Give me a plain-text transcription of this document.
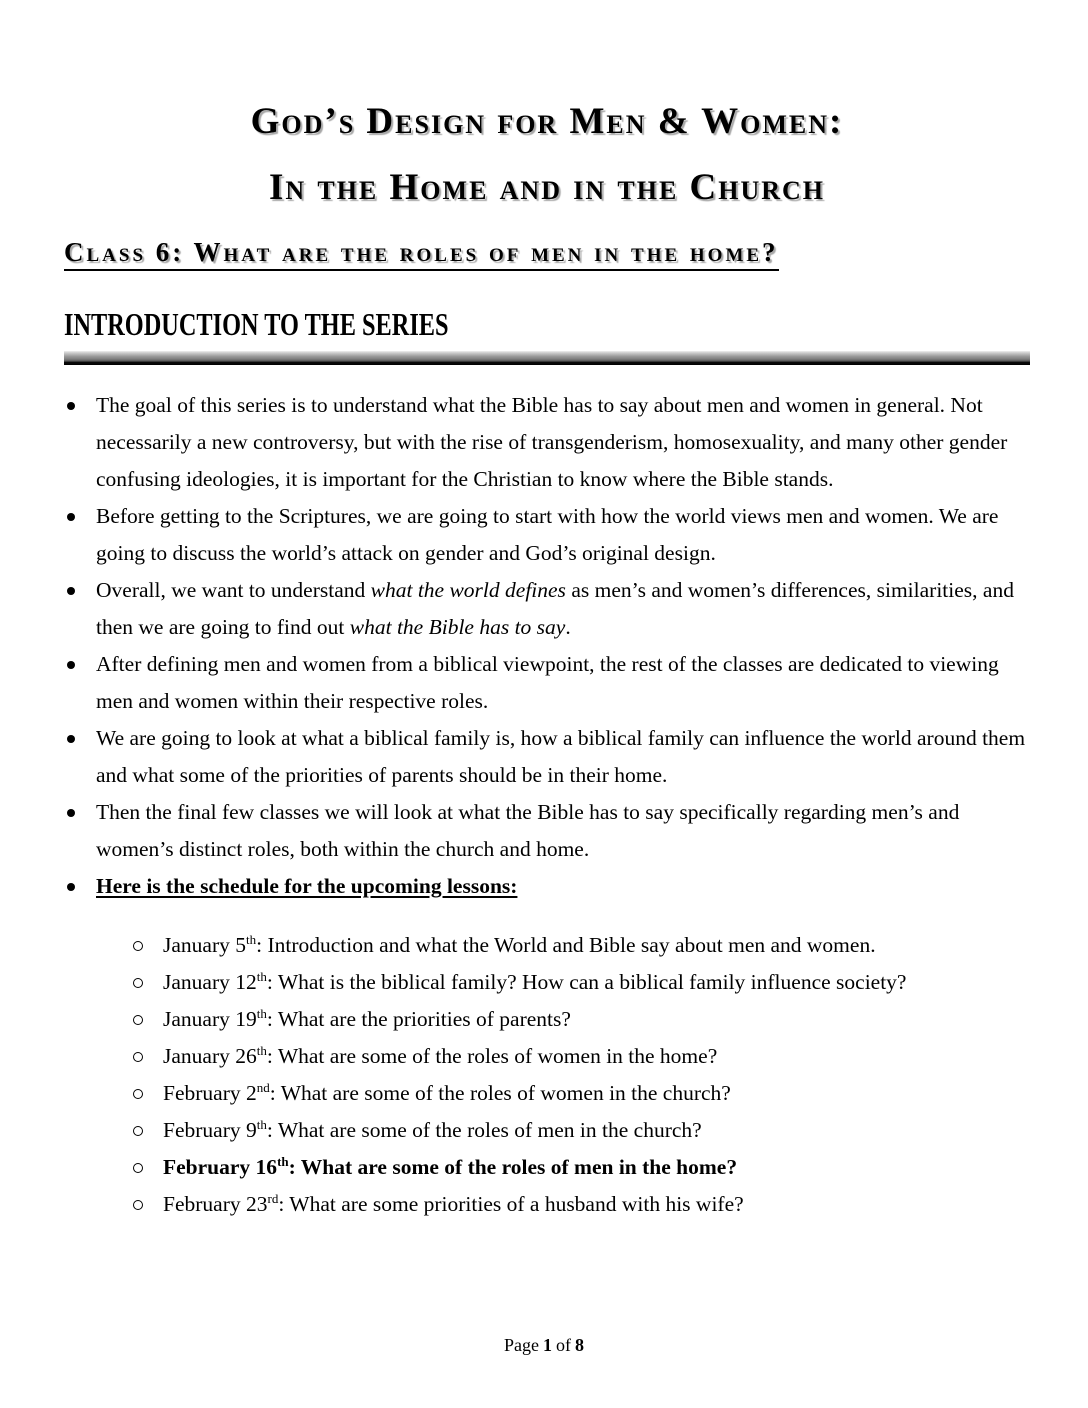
God’s Design for Men & Women:
In the Home and in the Church
Class 6: What are the roles of men in the home?
INTRODUCTION TO THE SERIES
The goal of this series is to understand what the Bible has to say about men and women in general. Not necessarily a new controversy, but with the rise of transgenderism, homosexuality, and many other gender confusing ideologies, it is important for the Christian to know where the Bible stands.
Before getting to the Scriptures, we are going to start with how the world views men and women. We are going to discuss the world’s attack on gender and God’s original design.
Overall, we want to understand what the world defines as men’s and women’s differences, similarities, and then we are going to find out what the Bible has to say.
After defining men and women from a biblical viewpoint, the rest of the classes are dedicated to viewing men and women within their respective roles.
We are going to look at what a biblical family is, how a biblical family can influence the world around them and what some of the priorities of parents should be in their home.
Then the final few classes we will look at what the Bible has to say specifically regarding men’s and women’s distinct roles, both within the church and home.
Here is the schedule for the upcoming lessons:
January 5th: Introduction and what the World and Bible say about men and women.
January 12th: What is the biblical family? How can a biblical family influence society?
January 19th: What are the priorities of parents?
January 26th: What are some of the roles of women in the home?
February 2nd: What are some of the roles of women in the church?
February 9th: What are some of the roles of men in the church?
February 16th: What are some of the roles of men in the home?
February 23rd: What are some priorities of a husband with his wife?
Page 1 of 8
